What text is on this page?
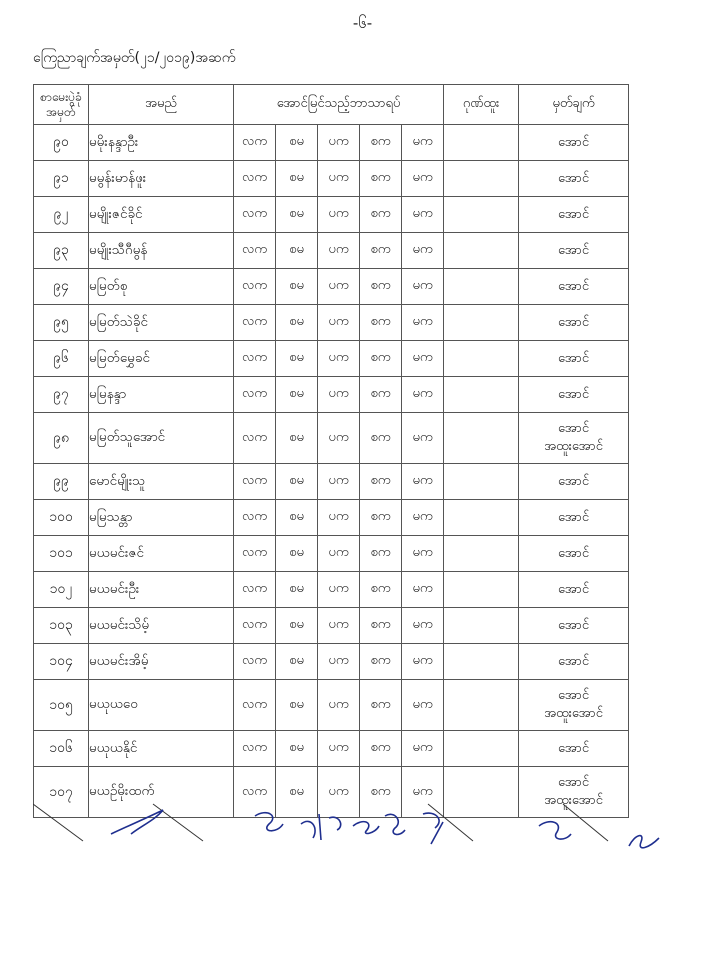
-၆-
ကြေညာချက်အမှတ်(၂၁/၂၀၁၉)အဆက်
စာမေးပွဲခုံအမှတ်	အမည်	အောင်မြင်သည့်ဘာသာရပ်					ဂုဏ်ထူး	မှတ်ချက်
၉၀	မမိုးနန္ဒာဦး	လက	စမ	ပက	စက	မက		အောင်

၉၁	မမွန်းမာန်ဖူး	လက	စမ	ပက	စက	မက		အောင်

၉၂	မမျိုးဇင်ခိုင်	လက	စမ	ပက	စက	မက		အောင်

၉၃	မမျိုးသီဂီမွန်	လက	စမ	ပက	စက	မက		အောင်

၉၄	မမြတ်စု	လက	စမ	ပက	စက	မက		အောင်

၉၅	မမြတ်သဲခိုင်	လက	စမ	ပက	စက	မက		အောင်

၉၆	မမြတ်မွှေခင်	လက	စမ	ပက	စက	မက		အောင်

၉၇	မမြနန္ဒာ	လက	စမ	ပက	စက	မက		အောင်

၉၈	မမြတ်သူအောင်	လက	စမ	ပက	စက	မက		အောင်
အထူးအောင်

၉၉	မောင်မျိုးသူ	လက	စမ	ပက	စက	မက		အောင်

၁၀၀	မမြသန္တာ	လက	စမ	ပက	စက	မက		အောင်

၁၀၁	မယမင်းဇင်	လက	စမ	ပက	စက	မက		အောင်

၁၀၂	မယမင်းဦး	လက	စမ	ပက	စက	မက		အောင်

၁၀၃	မယမင်းသိမ့်	လက	စမ	ပက	စက	မက		အောင်

၁၀၄	မယမင်းအိမ့်	လက	စမ	ပက	စက	မက		အောင်

၁၀၅	မယုယဝေ	လက	စမ	ပက	စက	မက		အောင်
အထူးအောင်

၁၀၆	မယုယနိုင်	လက	စမ	ပက	စက	မက		အောင်

၁၀၇	မယဉ်မိုးထက်	လက	စမ	ပက	စက	မက		အောင်
အထူးအောင်
